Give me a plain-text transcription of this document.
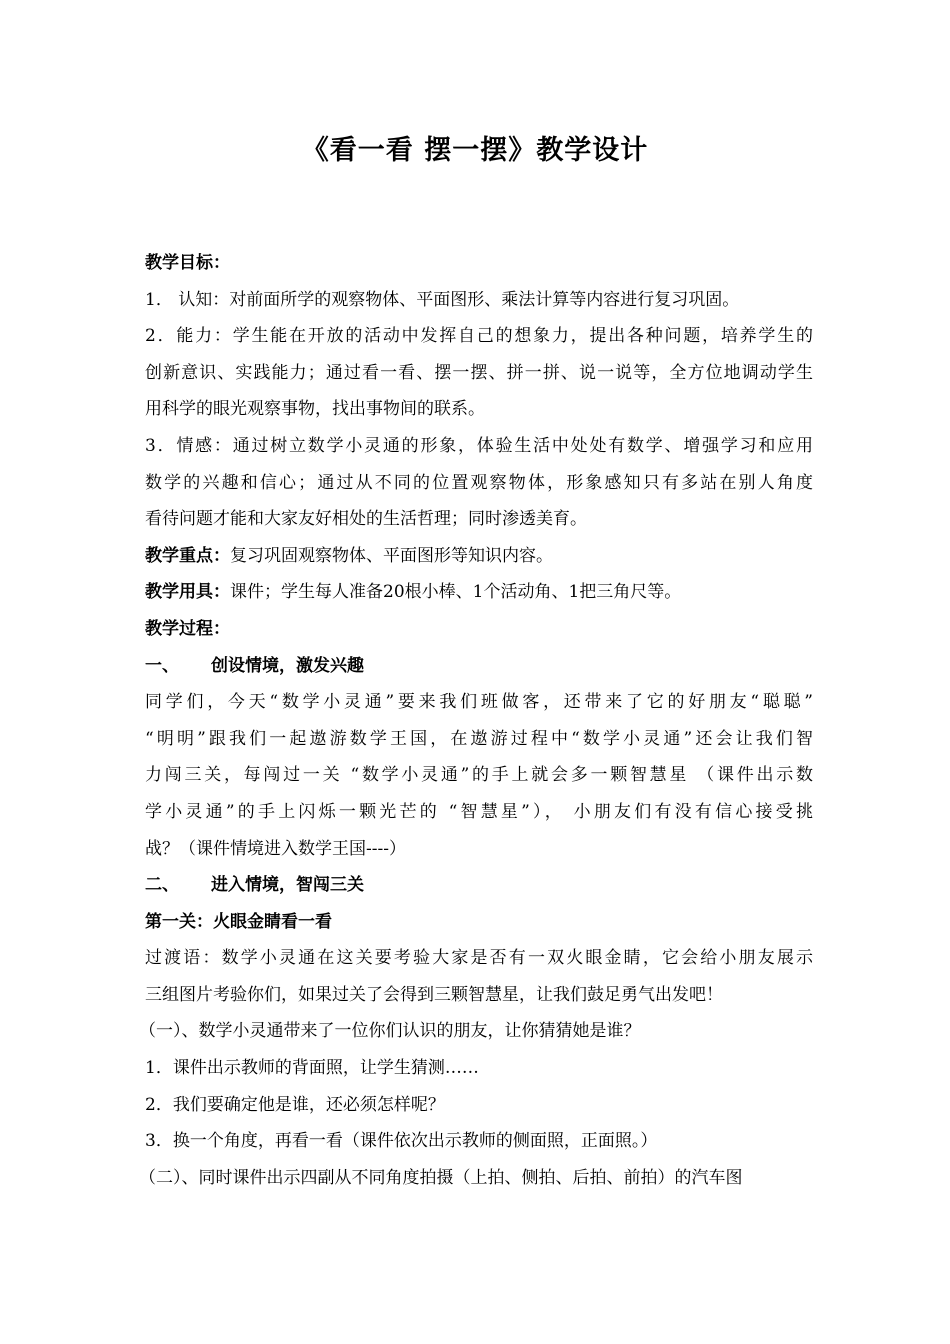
《看一看 摆一摆》教学设计
教学目标：
1． 认知：对前面所学的观察物体、平面图形、乘法计算等内容进行复习巩固。
2．能力：学生能在开放的活动中发挥自己的想象力，提出各种问题，培养学生的
创新意识、实践能力；通过看一看、摆一摆、拼一拼、说一说等，全方位地调动学生
用科学的眼光观察事物，找出事物间的联系。
3．情感：通过树立数学小灵通的形象，体验生活中处处有数学、增强学习和应用
数学的兴趣和信心；通过从不同的位置观察物体，形象感知只有多站在别人角度
看待问题才能和大家友好相处的生活哲理；同时渗透美育。
教学重点：复习巩固观察物体、平面图形等知识内容。
教学用具：课件；学生每人准备20根小棒、1个活动角、1把三角尺等。
教学过程：
一、 创设情境，激发兴趣
同学们，今天“数学小灵通”要来我们班做客，还带来了它的好朋友“聪聪”
“明明”跟我们一起遨游数学王国，在遨游过程中“数学小灵通”还会让我们智
力闯三关，每闯过一关 “数学小灵通”的手上就会多一颗智慧星 （课件出示数
学小灵通”的手上闪烁一颗光芒的 “智慧星”）， 小朋友们有没有信心接受挑
战？（课件情境进入数学王国----）
二、 进入情境，智闯三关
第一关：火眼金睛看一看
过渡语：数学小灵通在这关要考验大家是否有一双火眼金睛，它会给小朋友展示
三组图片考验你们，如果过关了会得到三颗智慧星，让我们鼓足勇气出发吧！
（一）、数学小灵通带来了一位你们认识的朋友，让你猜猜她是谁？
1．课件出示教师的背面照，让学生猜测……
2．我们要确定他是谁，还必须怎样呢？
3．换一个角度，再看一看（课件依次出示教师的侧面照，正面照。）
（二）、同时课件出示四副从不同角度拍摄（上拍、侧拍、后拍、前拍）的汽车图
